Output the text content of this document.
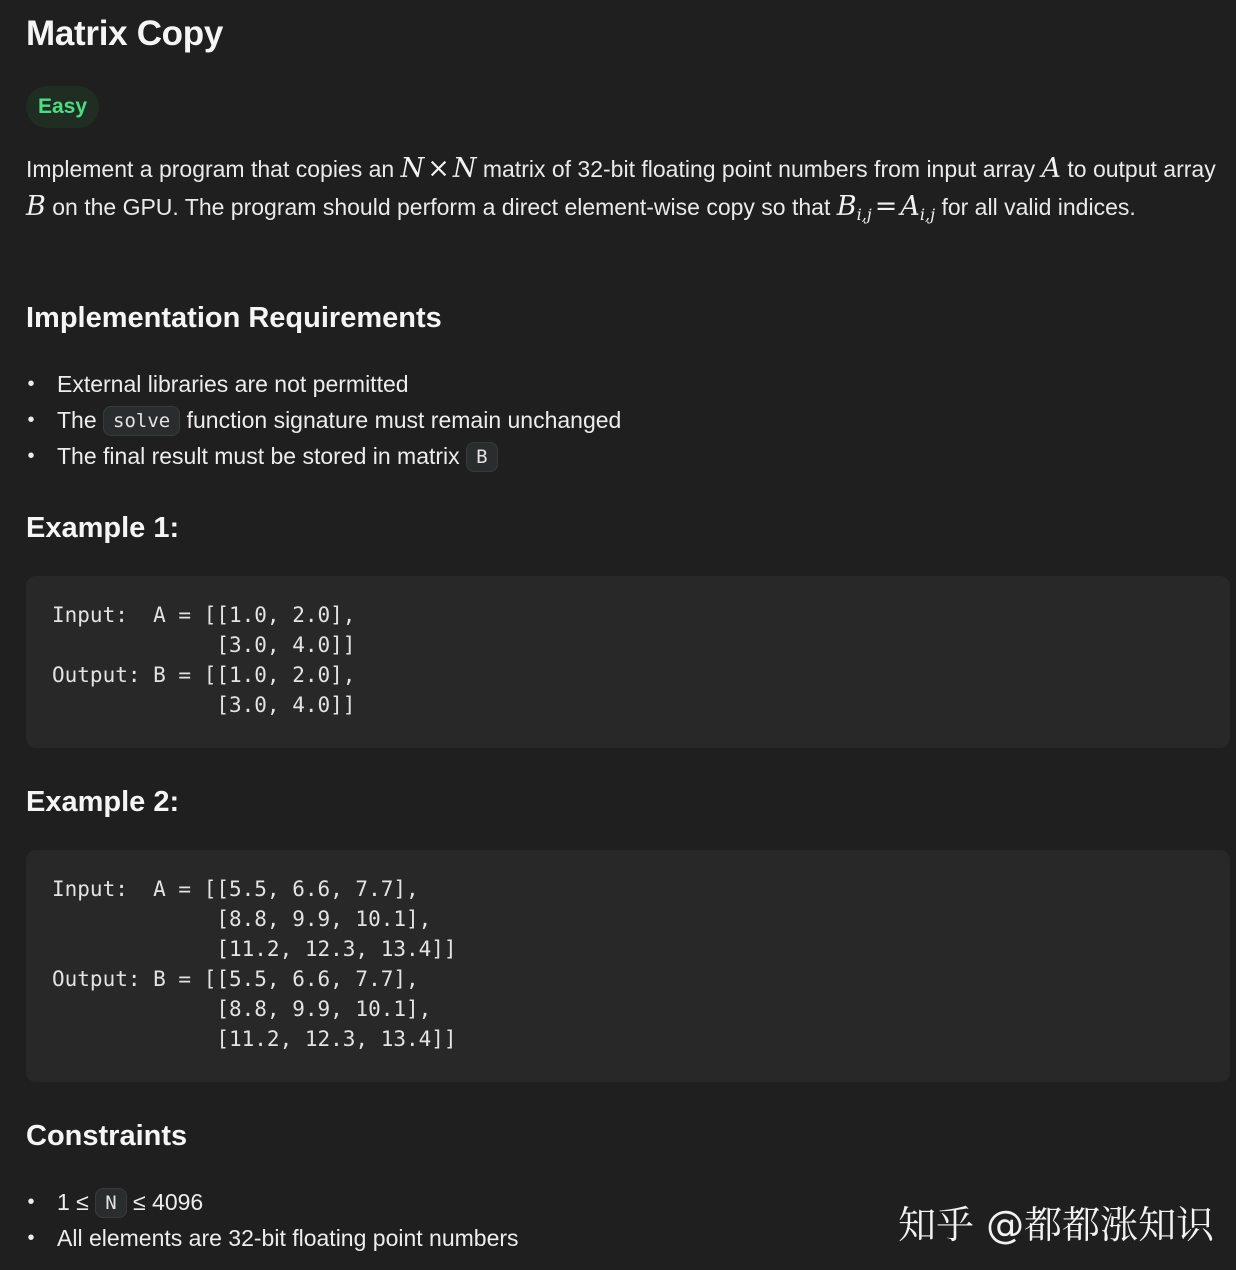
Matrix Copy
Easy

Implement a program that copies an N × N matrix of 32-bit floating point numbers from input array A to output array B on the GPU. The program should perform a direct element-wise copy so that $B_{i,j} = A_{i,j}$ for all valid indices.

Implementation Requirements
• External libraries are not permitted
• The solve function signature must remain unchanged
• The final result must be stored in matrix B
Example 1:
Input:  A = [[1.0, 2.0],
[3.0, 4.0]]
Output: B = [[1.0, 2.0],
[3.0, 4.0]]
Example 2:
Input:  A = [[5.5, 6.6, 7.7],
[8.8, 9.9, 10.1],
[11.2, 12.3, 13.4]]
Output: B = [[5.5, 6.6, 7.7],
[8.8, 9.9, 10.1],
[11.2, 12.3, 13.4]]
Constraints
• 1 ≤ N ≤ 4096
• All elements are 32-bit floating point numbers	知乎 @都都涨知识
